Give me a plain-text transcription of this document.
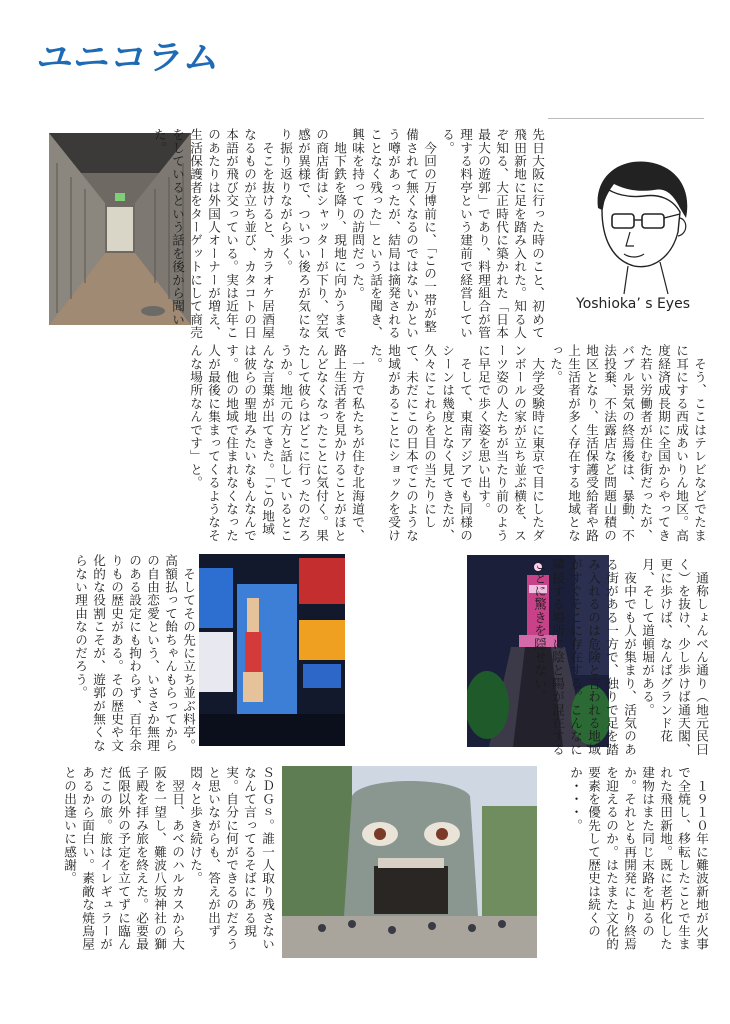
ユニコラム
Yoshioka’ s Eyes
先日大阪に行った時のこと、初めて飛田新地に足を踏み入れた。知る人ぞ知る、大正時代に築かれた「日本最大の遊郭」であり、料理組合が管理する料亭という建前で経営している。
　今回の万博前に、「この一帯が整備されて無くなるのではないかという噂があったが、結局は摘発されることなく残った」という話を聞き、興味を持っての訪問だった。
　地下鉄を降り、現地に向かうまでの商店街はシャッターが下り、空気感が異様で、ついつい後ろが気になり振り返りながら歩く。
　そこを抜けると、カラオケ居酒屋なるものが立ち並び、カタコトの日本語が飛び交っている。実は近年このあたりは外国人オーナーが増え、生活保護者をターゲットにして商売をしているという話を後から聞いた。
　そう、ここはテレビなどでたまに耳にする西成あいりん地区。高度経済成長期に全国からやってきた若い労働者が住む街だったが、バブル景気の終焉後は、暴動、不法投棄、不法露店など問題山積の地区となり、生活保護受給者や路上生活者が多く存在する地域となった。
　大学受験時に東京で目にしたダンボールの家が立ち並ぶ横を、スーツ姿の人たちが当たり前のように早足で歩く姿を思い出す。
　そして、東南アジアでも同様のシーンは幾度となく見てきたが、久々にこれらを目の当たりにして、未だにこの日本でこのような地域があることにショックを受けた。
　一方で私たちが住む北海道で、路上生活者を見かけることがほとんどなくなったことに気付く。果たして彼らはどこに行ったのだろうか。地元の方と話しているとこんな言葉が出てきた。「この地域は彼らの聖地みたいなもんなんです。他の地域で住まれなくなった人が最後に集まってくるようなそんな場所なんです」と。
　通称しょんべん通り（地元民曰く）を抜け、少し歩けば通天閣、更に歩けば、なんばグランド花月、そして道頓堀がある。
　夜中でも人が集まり、活気のある街がある一方で、独りで足を踏み入れるのは危険と言われる地域がすぐそこに存在する。こんなに隣接する場所に陰と陽が混在することに驚きを隠せない。
　そしてその先に立ち並ぶ料亭。高額払って飴ちゃんもらってからの自由恋愛という、いささか無理のある設定にも拘わらず、百年余りもの歴史がある。その歴史や文化的な役割こそが、遊郭が無くならない理由なのだろう。
　１９１０年に難波新地が火事で全焼し、移転したことで生まれた飛田新地。既に老朽化した建物はまた同じ末路を辿るのか。それとも再開発により終焉を迎えるのか。はたまた文化的要素を優先して歴史は続くのか・・・。
ＳＤＧｓ。誰一人取り残さないなんて言ってるそばにある現実。自分に何ができるのだろうと思いながらも、答えが出ず悶々と歩き続けた。
　翌日、あべのハルカスから大阪を一望し、難波八坂神社の獅子殿を拝み旅を終えた。必要最低限以外の予定を立てずに臨んだこの旅。旅はイレギュラーがあるから面白い。素敵な焼鳥屋との出逢いに感謝。
